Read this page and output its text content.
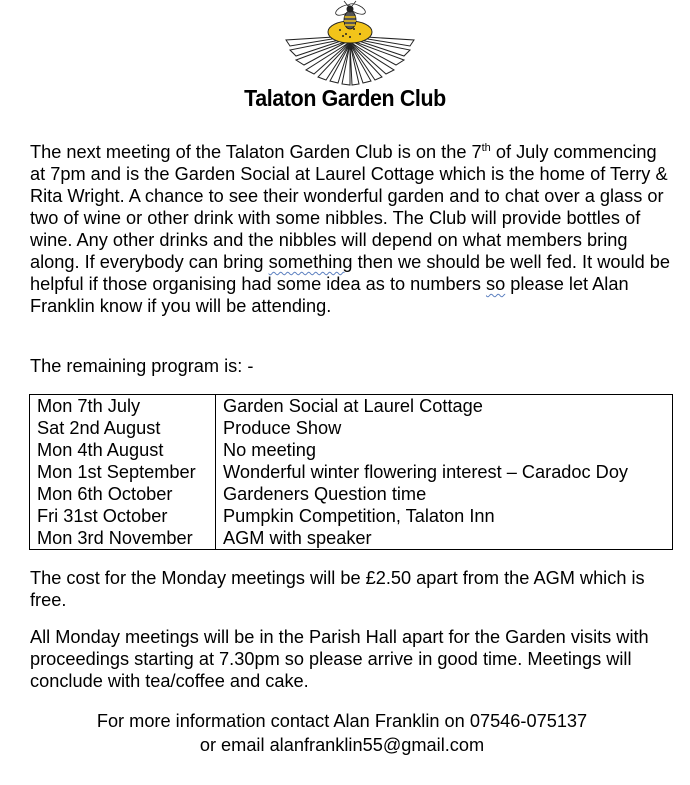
Talaton Garden Club

The next meeting of the Talaton Garden Club is on the 7th of July commencing at 7pm and is the Garden Social at Laurel Cottage which is the home of Terry & Rita Wright. A chance to see their wonderful garden and to chat over a glass or two of wine or other drink with some nibbles. The Club will provide bottles of wine. Any other drinks and the nibbles will depend on what members bring along. If everybody can bring something then we should be well fed. It would be helpful if those organising had some idea as to numbers so please let Alan Franklin know if you will be attending.

The remaining program is: -

Mon 7th July	Garden Social at Laurel Cottage
Sat 2nd August	Produce Show
Mon 4th August	No meeting
Mon 1st September	Wonderful winter flowering interest – Caradoc Doy
Mon 6th October	Gardeners Question time
Fri 31st October	Pumpkin Competition, Talaton Inn
Mon 3rd November	AGM with speaker

The cost for the Monday meetings will be £2.50 apart from the AGM which is free.

All Monday meetings will be in the Parish Hall apart for the Garden visits with proceedings starting at 7.30pm so please arrive in good time. Meetings will conclude with tea/coffee and cake.

For more information contact Alan Franklin on 07546-075137
or email alanfranklin55@gmail.com
